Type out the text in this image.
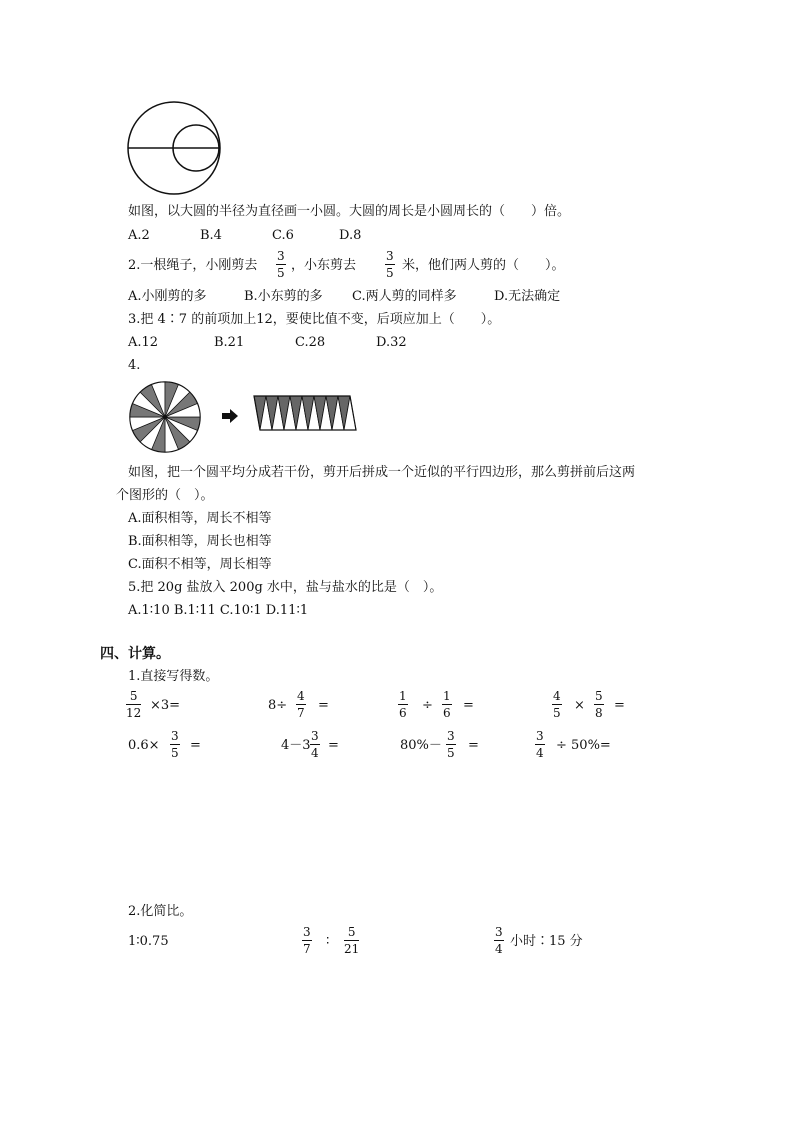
如图，以大圆的半径为直径画一小圆。大圆的周长是小圆周长的（　　）倍。
A.2	B.4	C.6	D.8
2.一根绳子，小刚剪去 $\frac{3}{5}$ ，小东剪去 $\frac{3}{5}$ 米，他们两人剪的（　　）。
A.小刚剪的多	B.小东剪的多 C.两人剪的同样多	D.无法确定
3.把 4∶7 的前项加上12，要使比值不变，后项应加上（　　）。
A.12	B.21	C.28	D.32
4.
如图，把一个圆平均分成若干份，剪开后拼成一个近似的平行四边形，那么剪拼前后这两
个图形的（　）。
A.面积相等，周长不相等
B.面积相等，周长也相等
C.面积不相等，周长相等
5.把 20g 盐放入 200g 水中，盐与盐水的比是（　）。
A.1∶10 B.1∶11 C.10∶1 D.11∶1
四、计算。
1.直接写得数。
$\frac{5}{12} \times 3=$	$8\div \frac{4}{7}$ =	$\frac{1}{6} \div \frac{1}{6}$ =	$\frac{4}{5} \times \frac{5}{8}$ =
$0.6\times \frac{3}{5}$ =	$4-3 \frac{3}{4}$ =	$80\%- \frac{3}{5}$ =	$\frac{3}{4} \div 50\%=$
2.化简比。
1∶0.75	$\frac{3}{7}$ ∶ $\frac{5}{21}$	$\frac{3}{4}$ 小时∶15 分
